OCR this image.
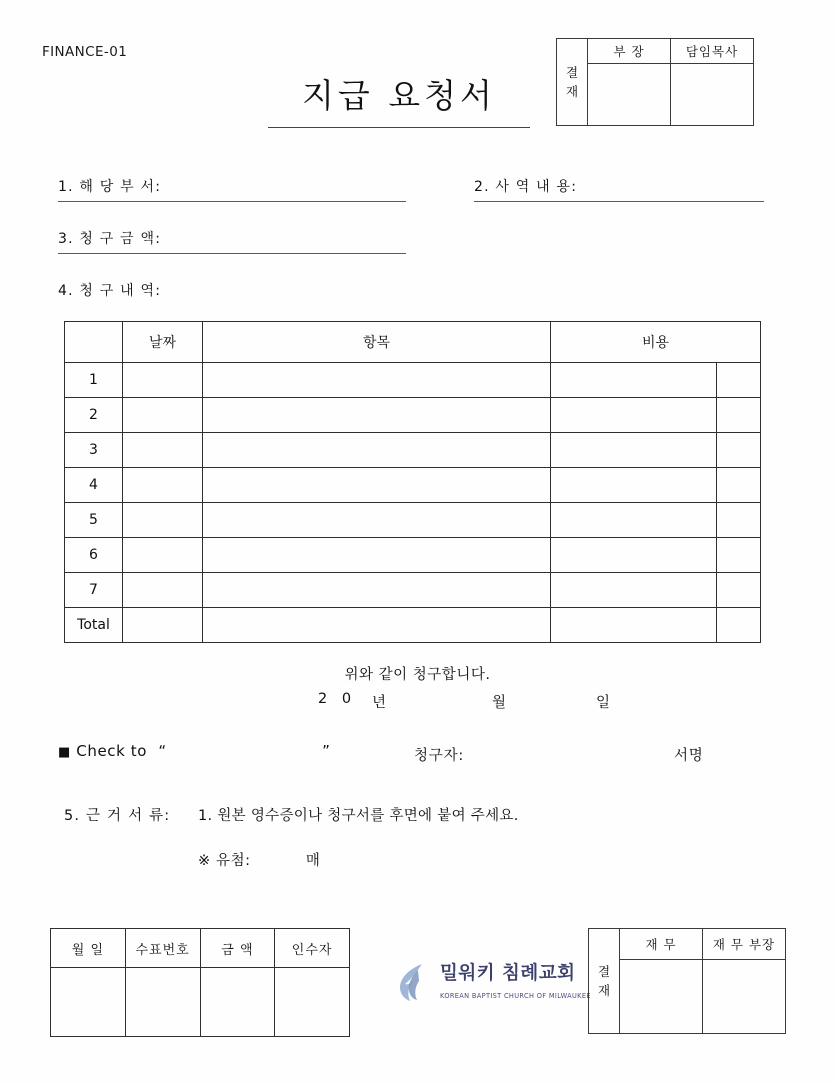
FINANCE-01
지급 요청서
결
재
부 장	담임목사
1. 해 당 부 서:	2. 사 역 내 용:
3. 청 구 금 액:
4. 청 구 내 역:
	날짜	항목	비용	
1				
2				
3				
4				
5				
6				
7				
Total				
위와 같이 청구합니다.
2 0	년	월	일
■ Check to “	”	청구자:	서명
5. 근 거 서 류: 1. 원본 영수증이나 청구서를 후면에 붙여 주세요.
※ 유첨:	매
월 일	수표번호	금 액	인수자

밀워키 침례교회
KOREAN BAPTIST CHURCH OF MILWAUKEE
결
재
재 무	재 무 부장
